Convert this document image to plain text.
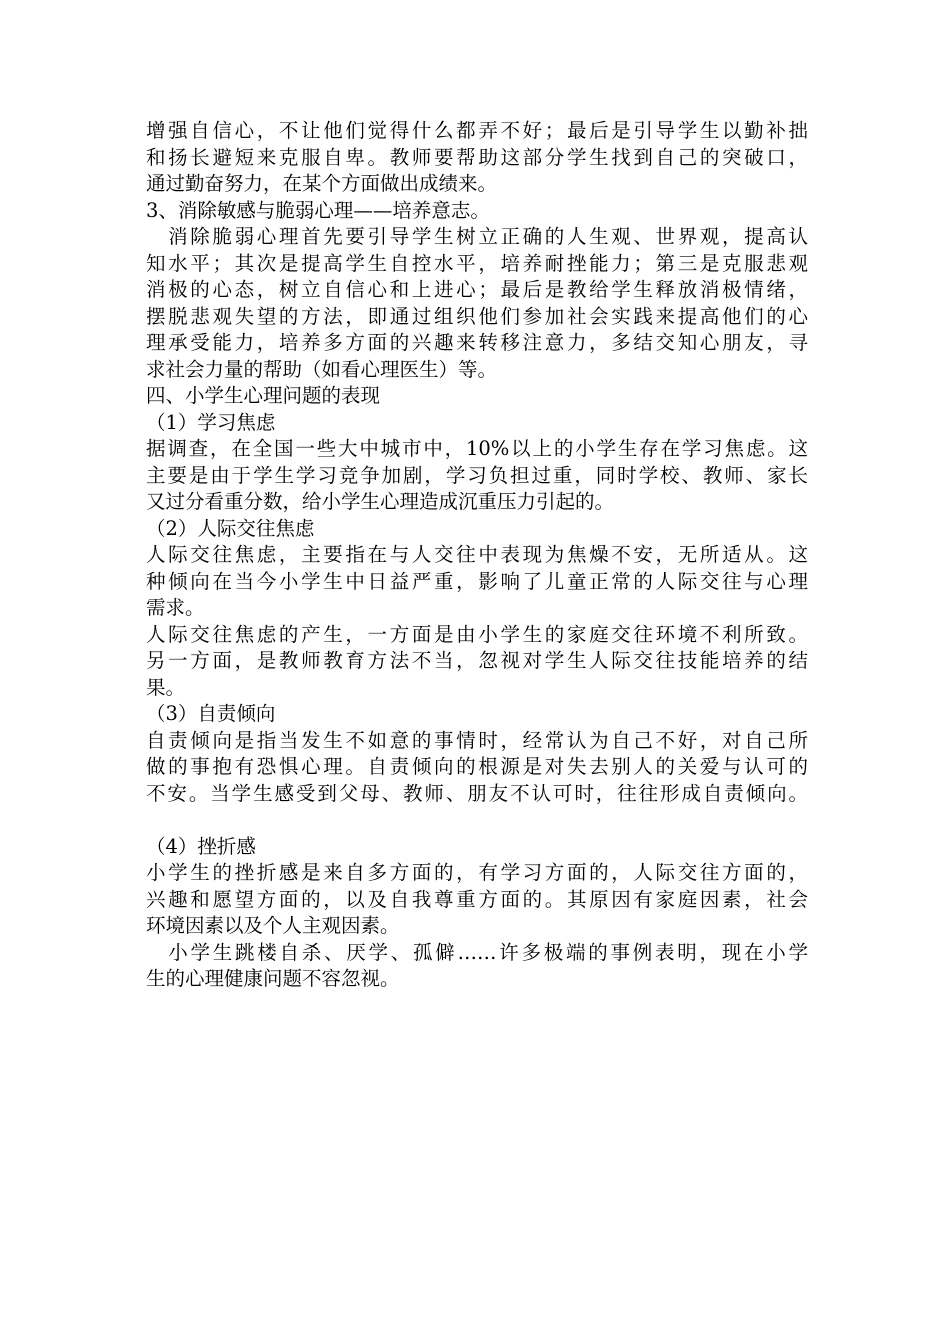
增强自信心，不让他们觉得什么都弄不好；最后是引导学生以勤补拙
和扬长避短来克服自卑。教师要帮助这部分学生找到自己的突破口，
通过勤奋努力，在某个方面做出成绩来。
3、消除敏感与脆弱心理——培养意志。
　消除脆弱心理首先要引导学生树立正确的人生观、世界观，提高认
知水平；其次是提高学生自控水平，培养耐挫能力；第三是克服悲观
消极的心态，树立自信心和上进心；最后是教给学生释放消极情绪，
摆脱悲观失望的方法，即通过组织他们参加社会实践来提高他们的心
理承受能力，培养多方面的兴趣来转移注意力，多结交知心朋友，寻
求社会力量的帮助（如看心理医生）等。
四、小学生心理问题的表现
（1）学习焦虑
据调查，在全国一些大中城市中，10%以上的小学生存在学习焦虑。这
主要是由于学生学习竞争加剧，学习负担过重，同时学校、教师、家长
又过分看重分数，给小学生心理造成沉重压力引起的。
（2）人际交往焦虑
人际交往焦虑，主要指在与人交往中表现为焦燥不安，无所适从。这
种倾向在当今小学生中日益严重，影响了儿童正常的人际交往与心理
需求。
人际交往焦虑的产生，一方面是由小学生的家庭交往环境不利所致。
另一方面，是教师教育方法不当，忽视对学生人际交往技能培养的结
果。
（3）自责倾向
自责倾向是指当发生不如意的事情时，经常认为自己不好，对自己所
做的事抱有恐惧心理。自责倾向的根源是对失去别人的关爱与认可的
不安。当学生感受到父母、教师、朋友不认可时，往往形成自责倾向。
（4）挫折感
小学生的挫折感是来自多方面的，有学习方面的，人际交往方面的，
兴趣和愿望方面的，以及自我尊重方面的。其原因有家庭因素，社会
环境因素以及个人主观因素。
　小学生跳楼自杀、厌学、孤僻……许多极端的事例表明，现在小学
生的心理健康问题不容忽视。
